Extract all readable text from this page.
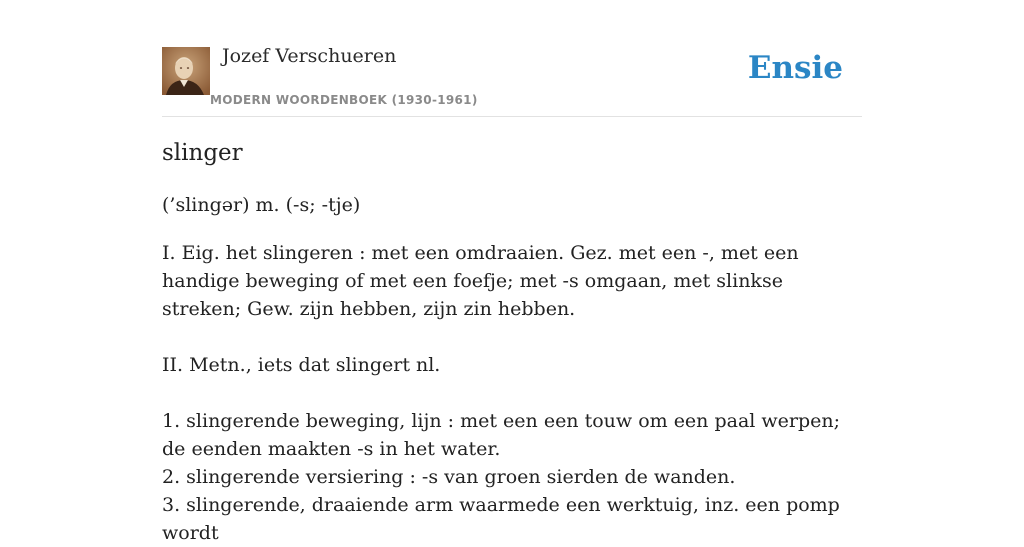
Jozef Verschueren
MODERN WOORDENBOEK (1930-1961)
Ensie
slinger

(’slingər) m. (-s; -tje)

I. Eig. het slingeren : met een omdraaien. Gez. met een -, met een handige beweging of met een foefje; met -s omgaan, met slinkse streken; Gew. zijn hebben, zijn zin hebben.

II. Metn., iets dat slingert nl.

1. slingerende beweging, lijn : met een een touw om een paal werpen; de eenden maakten -s in het water.

2. slingerende versiering : -s van groen sierden de wanden.

3. slingerende, draaiende arm waarmede een werktuig, inz. een pomp wordt
